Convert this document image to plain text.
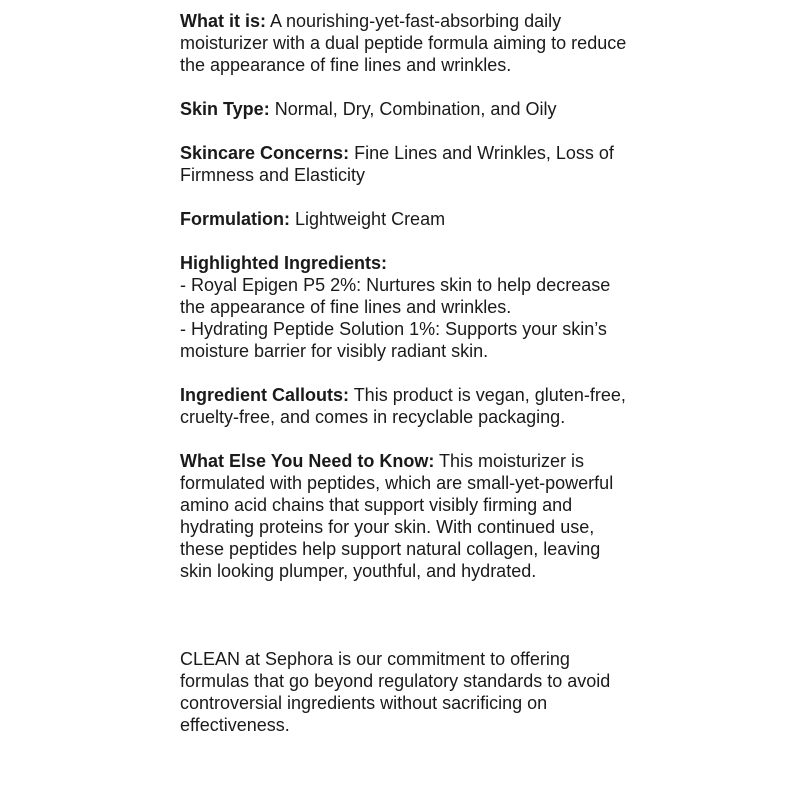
What it is: A nourishing-yet-fast-absorbing daily moisturizer with a dual peptide formula aiming to reduce the appearance of fine lines and wrinkles.

Skin Type: Normal, Dry, Combination, and Oily

Skincare Concerns: Fine Lines and Wrinkles, Loss of Firmness and Elasticity

Formulation: Lightweight Cream

Highlighted Ingredients:
- Royal Epigen P5 2%: Nurtures skin to help decrease the appearance of fine lines and wrinkles.
- Hydrating Peptide Solution 1%: Supports your skin’s moisture barrier for visibly radiant skin.

Ingredient Callouts: This product is vegan, gluten-free, cruelty-free, and comes in recyclable packaging.

What Else You Need to Know: This moisturizer is formulated with peptides, which are small-yet-powerful amino acid chains that support visibly firming and hydrating proteins for your skin. With continued use, these peptides help support natural collagen, leaving skin looking plumper, youthful, and hydrated.

CLEAN at Sephora is our commitment to offering formulas that go beyond regulatory standards to avoid controversial ingredients without sacrificing on effectiveness.
